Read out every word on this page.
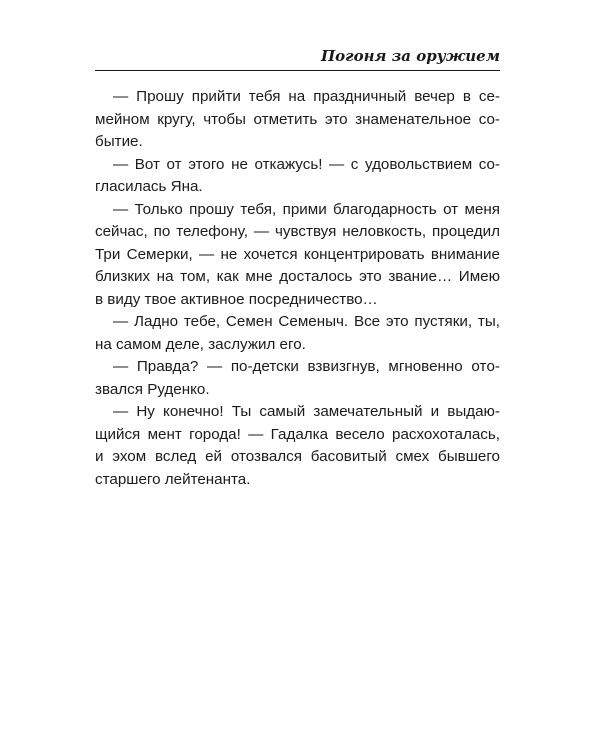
Погоня за оружием
— Прошу прийти тебя на праздничный вечер в се-
мейном кругу, чтобы отметить это знаменательное со-
бытие.
— Вот от этого не откажусь! — с удовольствием со-
гласилась Яна.
— Только прошу тебя, прими благодарность от меня
сейчас, по телефону, — чувствуя неловкость, процедил
Три Семерки, — не хочется концентрировать внимание
близких на том, как мне досталось это звание… Имею
в виду твое активное посредничество…
— Ладно тебе, Семен Семеныч. Все это пустяки, ты,
на самом деле, заслужил его.
— Правда? — по-детски взвизгнув, мгновенно отo-
звался Руденко.
— Ну конечно! Ты самый замечательный и выдаю-
щийся мент города! — Гадалка весело расхохоталась,
и эхом вслед ей отозвался басовитый смех бывшего
старшего лейтенанта.
